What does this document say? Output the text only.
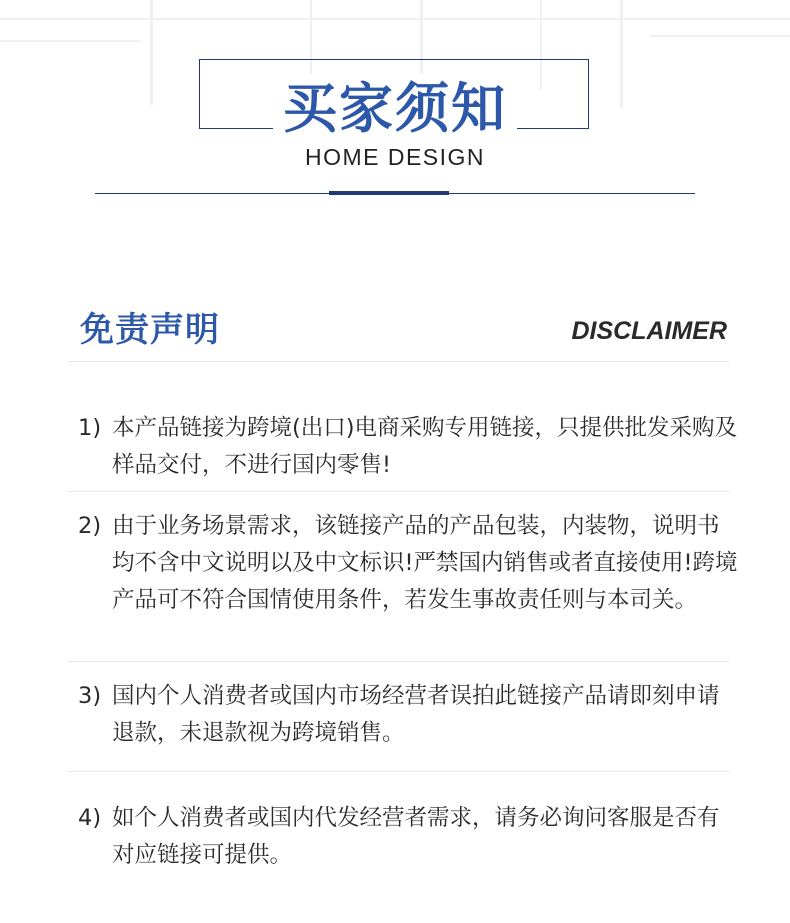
买家须知
HOME DESIGN
免责声明	DISCLAIMER
1) 本产品链接为跨境(出口)电商采购专用链接，只提供批发采购及样品交付，不进行国内零售!
2) 由于业务场景需求，该链接产品的产品包装，内装物，说明书均不含中文说明以及中文标识!严禁国内销售或者直接使用!跨境产品可不符合国情使用条件，若发生事故责任则与本司关。
3) 国内个人消费者或国内市场经营者误拍此链接产品请即刻申请退款，未退款视为跨境销售。
4) 如个人消费者或国内代发经营者需求，请务必询问客服是否有对应链接可提供。
